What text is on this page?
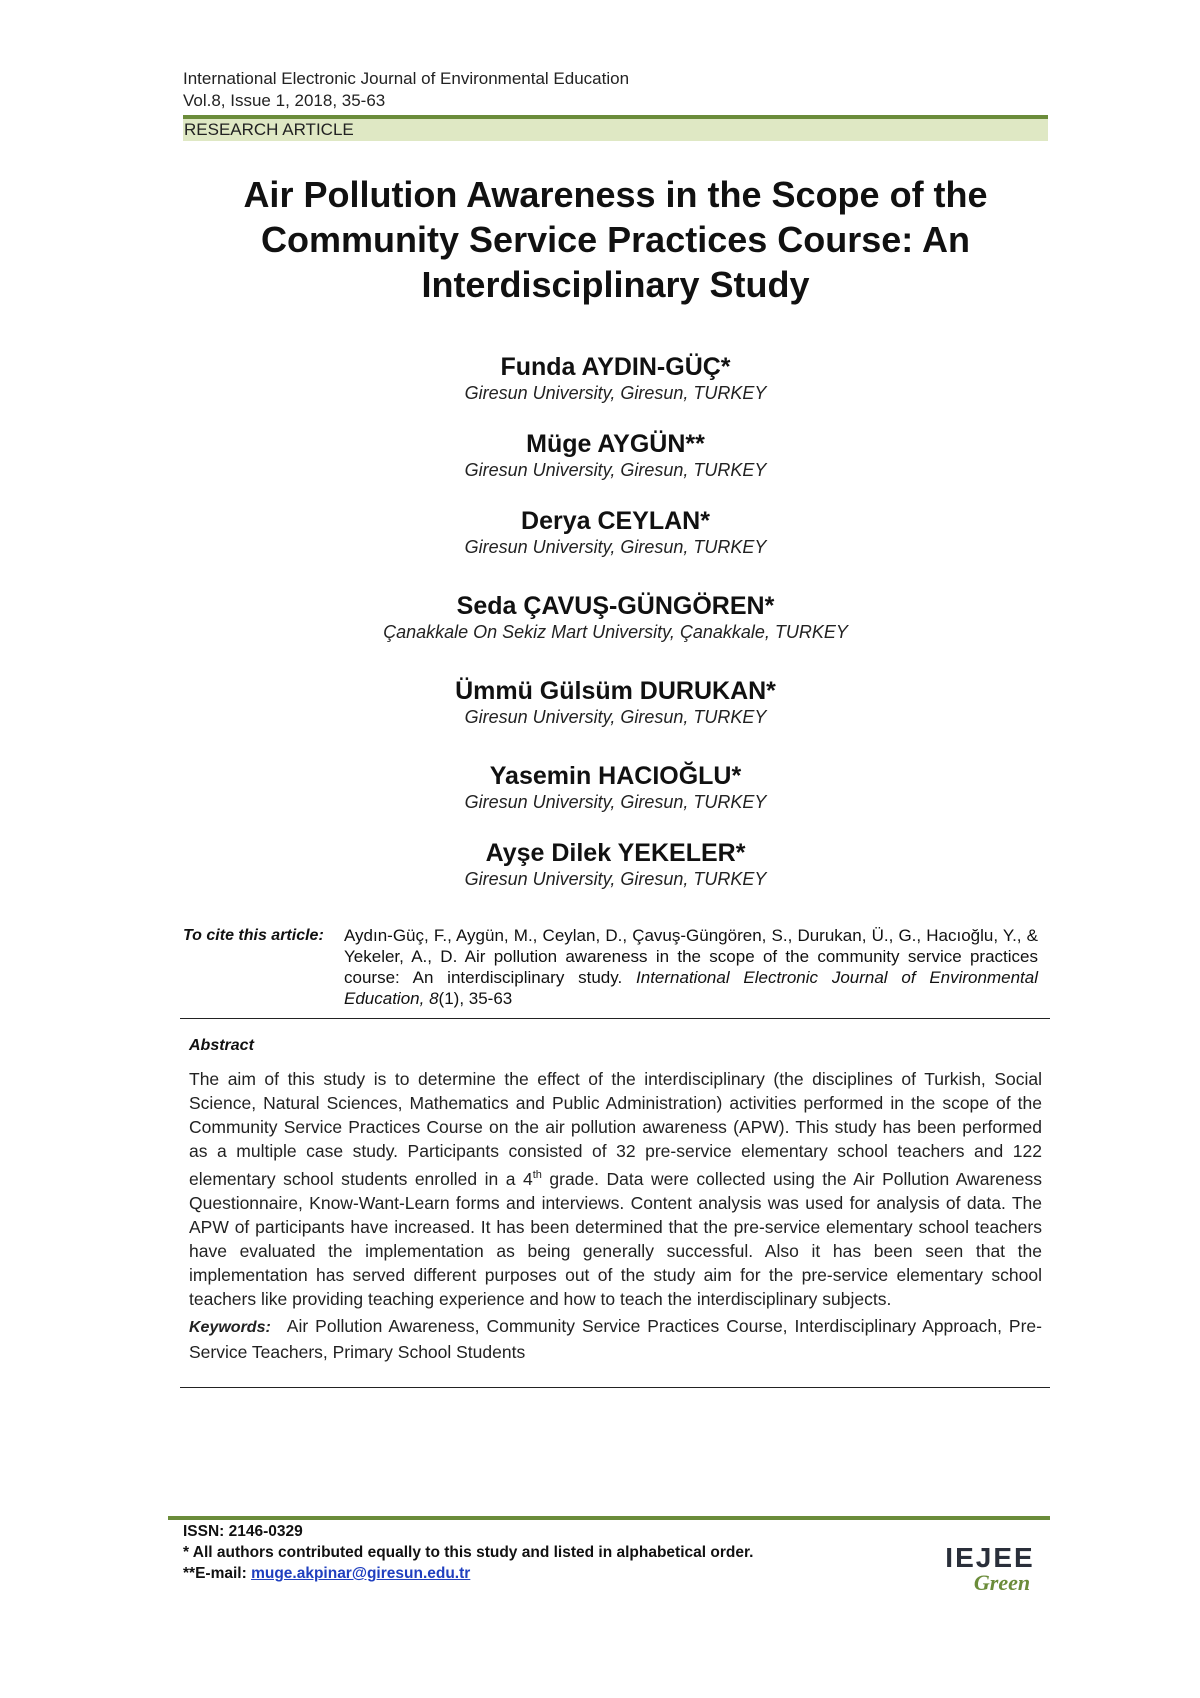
International Electronic Journal of Environmental Education
Vol.8, Issue 1, 2018, 35-63
RESEARCH ARTICLE
Air Pollution Awareness in the Scope of the
Community Service Practices Course: An
Interdisciplinary Study
Funda AYDIN-GÜÇ*
Giresun University, Giresun, TURKEY
Müge AYGÜN**
Giresun University, Giresun, TURKEY
Derya CEYLAN*
Giresun University, Giresun, TURKEY
Seda ÇAVUŞ-GÜNGÖREN*
Çanakkale On Sekiz Mart University, Çanakkale, TURKEY
Ümmü Gülsüm DURUKAN*
Giresun University, Giresun, TURKEY
Yasemin HACIOĞLU*
Giresun University, Giresun, TURKEY
Ayşe Dilek YEKELER*
Giresun University, Giresun, TURKEY
To cite this article:	Aydın-Güç, F., Aygün, M., Ceylan, D., Çavuş-Güngören, S., Durukan, Ü., G., Hacıoğlu, Y., & Yekeler, A., D. Air pollution awareness in the scope of the community service practices course: An interdisciplinary study. International Electronic Journal of Environmental Education, 8(1), 35-63
Abstract
The aim of this study is to determine the effect of the interdisciplinary (the disciplines of Turkish, Social Science, Natural Sciences, Mathematics and Public Administration) activities performed in the scope of the Community Service Practices Course on the air pollution awareness (APW). This study has been performed as a multiple case study. Participants consisted of 32 pre-service elementary school teachers and 122 elementary school students enrolled in a 4th grade. Data were collected using the Air Pollution Awareness Questionnaire, Know-Want-Learn forms and interviews. Content analysis was used for analysis of data. The APW of participants have increased. It has been determined that the pre-service elementary school teachers have evaluated the implementation as being generally successful. Also it has been seen that the implementation has served different purposes out of the study aim for the pre-service elementary school teachers like providing teaching experience and how to teach the interdisciplinary subjects.
Keywords: Air Pollution Awareness, Community Service Practices Course, Interdisciplinary Approach, Pre-Service Teachers, Primary School Students
ISSN: 2146-0329
* All authors contributed equally to this study and listed in alphabetical order.
**E-mail: muge.akpinar@giresun.edu.tr
IEJEE
Green
